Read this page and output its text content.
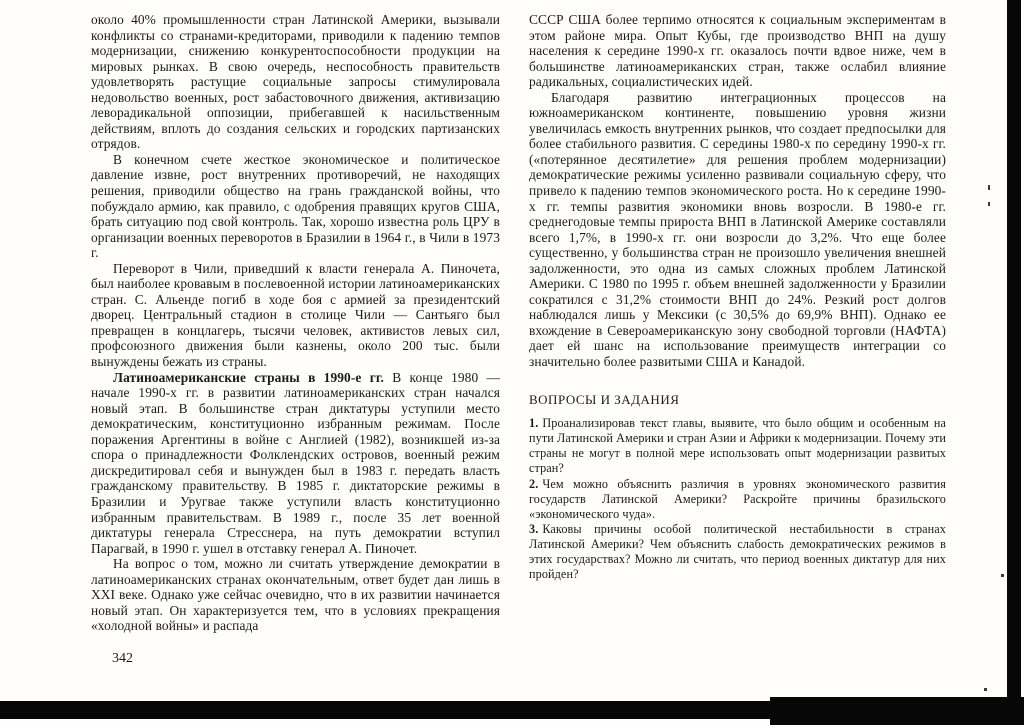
около 40% промышленности стран Латинской Америки, вызывали конфликты со странами-кредиторами, приводили к падению темпов модернизации, снижению конкурентоспособности продукции на мировых рынках. В свою очередь, неспособность правительств удовлетворять растущие социальные запросы стимулировала недовольство военных, рост забастовочного движения, активизацию леворадикальной оппозиции, прибегавшей к насильственным действиям, вплоть до создания сельских и городских партизанских отрядов.

В конечном счете жесткое экономическое и политическое давление извне, рост внутренних противоречий, не находящих решения, приводили общество на грань гражданской войны, что побуждало армию, как правило, с одобрения правящих кругов США, брать ситуацию под свой контроль. Так, хорошо известна роль ЦРУ в организации военных переворотов в Бразилии в 1964 г., в Чили в 1973 г.

Переворот в Чили, приведший к власти генерала А. Пиночета, был наиболее кровавым в послевоенной истории латиноамериканских стран. С. Альенде погиб в ходе боя с армией за президентский дворец. Центральный стадион в столице Чили — Сантьяго был превращен в концлагерь, тысячи человек, активистов левых сил, профсоюзного движения были казнены, около 200 тыс. были вынуждены бежать из страны.

Латиноамериканские страны в 1990-е гг. В конце 1980 — начале 1990-х гг. в развитии латиноамериканских стран начался новый этап. В большинстве стран диктатуры уступили место демократическим, конституционно избранным режимам. После поражения Аргентины в войне с Англией (1982), возникшей из-за спора о принадлежности Фолклендских островов, военный режим дискредитировал себя и вынужден был в 1983 г. передать власть гражданскому правительству. В 1985 г. диктаторские режимы в Бразилии и Уругвае также уступили власть конституционно избранным правительствам. В 1989 г., после 35 лет военной диктатуры генерала Стресснера, на путь демократии вступил Парагвай, в 1990 г. ушел в отставку генерал А. Пиночет.

На вопрос о том, можно ли считать утверждение демократии в латиноамериканских странах окончательным, ответ будет дан лишь в XXI веке. Однако уже сейчас очевидно, что в их развитии начинается новый этап. Он характеризуется тем, что в условиях прекращения «холодной войны» и распада

СССР США более терпимо относятся к социальным экспериментам в этом районе мира. Опыт Кубы, где производство ВНП на душу населения к середине 1990-х гг. оказалось почти вдвое ниже, чем в большинстве латиноамериканских стран, также ослабил влияние радикальных, социалистических идей.

Благодаря развитию интеграционных процессов на южноамериканском континенте, повышению уровня жизни увеличилась емкость внутренних рынков, что создает предпосылки для более стабильного развития. С середины 1980-х по середину 1990-х гг. («потерянное десятилетие» для решения проблем модернизации) демократические режимы усиленно развивали социальную сферу, что привело к падению темпов экономического роста. Но к середине 1990-х гг. темпы развития экономики вновь возросли. В 1980-е гг. среднегодовые темпы прироста ВНП в Латинской Америке составляли всего 1,7%, в 1990-х гг. они возросли до 3,2%. Что еще более существенно, у большинства стран не произошло увеличения внешней задолженности, это одна из самых сложных проблем Латинской Америки. С 1980 по 1995 г. объем внешней задолженности у Бразилии сократился с 31,2% стоимости ВНП до 24%. Резкий рост долгов наблюдался лишь у Мексики (с 30,5% до 69,9% ВНП). Однако ее вхождение в Североамериканскую зону свободной торговли (НАФТА) дает ей шанс на использование преимуществ интеграции со значительно более развитыми США и Канадой.

ВОПРОСЫ И ЗАДАНИЯ

1. Проанализировав текст главы, выявите, что было общим и особенным на пути Латинской Америки и стран Азии и Африки к модернизации. Почему эти страны не могут в полной мере использовать опыт модернизации развитых стран?

2. Чем можно объяснить различия в уровнях экономического развития государств Латинской Америки? Раскройте причины бразильского «экономического чуда».

3. Каковы причины особой политической нестабильности в странах Латинской Америки? Чем объяснить слабость демократических режимов в этих государствах? Можно ли считать, что период военных диктатур для них пройден?

342
